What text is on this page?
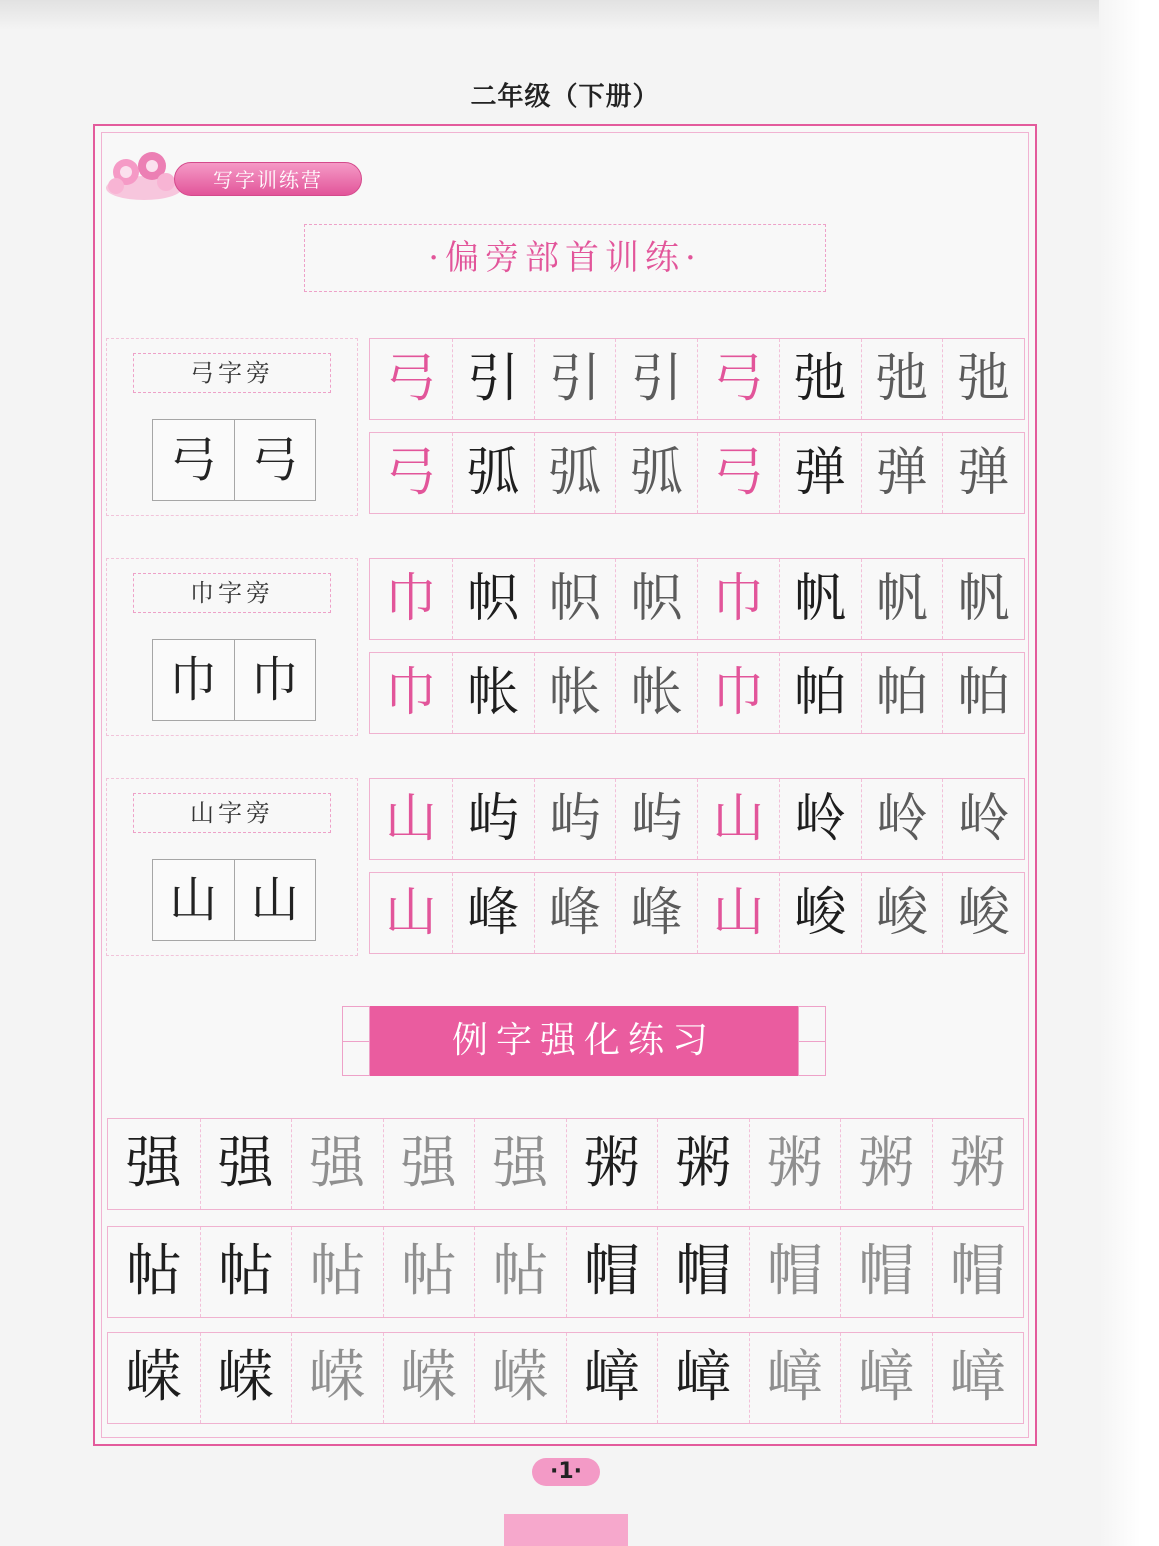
二年级（下册）
写字训练营
·偏旁部首训练·
弓字旁
弓 弓
弓 引 引 引 弓 弛 弛 弛
弓 弧 弧 弧 弓 弹 弹 弹
巾字旁
巾 巾
巾 帜 帜 帜 巾 帆 帆 帆
巾 帐 帐 帐 巾 帕 帕 帕
山字旁
山 山
山 屿 屿 屿 山 岭 岭 岭
山 峰 峰 峰 山 峻 峻 峻
例字强化练习
强 强 强 强 强 粥 粥 粥 粥 粥
帖 帖 帖 帖 帖 帽 帽 帽 帽 帽
嵘 嵘 嵘 嵘 嵘 嶂 嶂 嶂 嶂 嶂
·1·
